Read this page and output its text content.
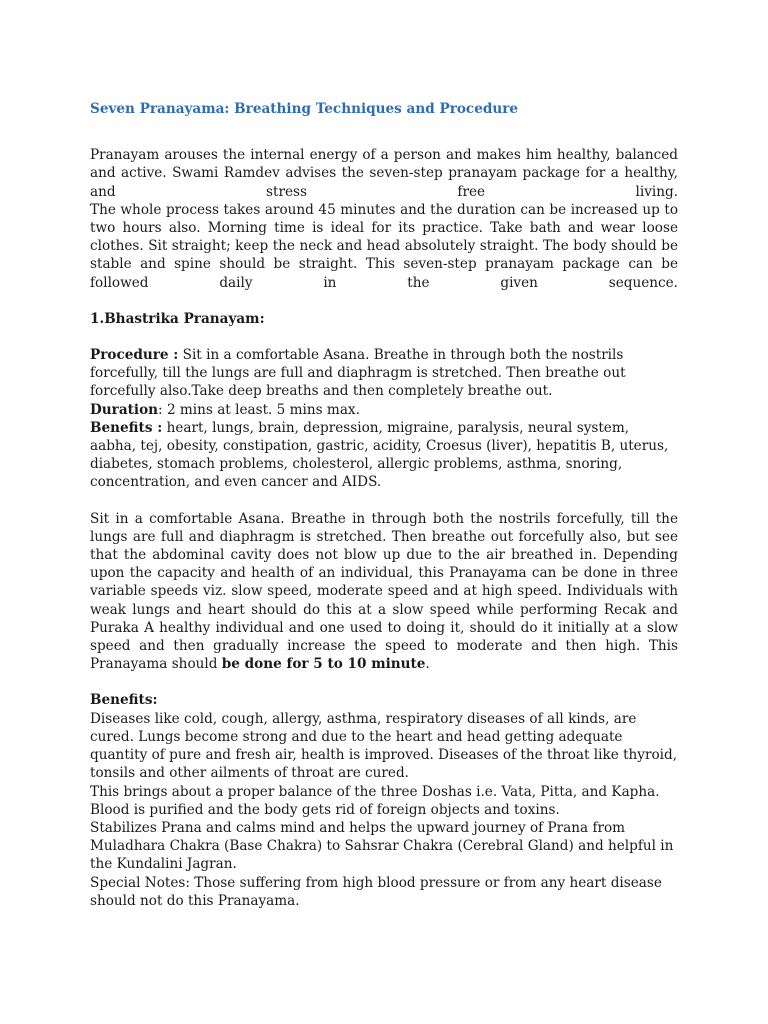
Seven Pranayama: Breathing Techniques and Procedure

Pranayam arouses the internal energy of a person and makes him healthy, balanced and active. Swami Ramdev advises the seven-step pranayam package for a healthy, and stress free living.

The whole process takes around 45 minutes and the duration can be increased up to two hours also. Morning time is ideal for its practice. Take bath and wear loose clothes. Sit straight; keep the neck and head absolutely straight. The body should be stable and spine should be straight. This seven-step pranayam package can be followed daily in the given sequence.

1.Bhastrika Pranayam:

Procedure : Sit in a comfortable Asana. Breathe in through both the nostrils forcefully, till the lungs are full and diaphragm is stretched. Then breathe out forcefully also.Take deep breaths and then completely breathe out.

Duration: 2 mins at least. 5 mins max.

Benefits : heart, lungs, brain, depression, migraine, paralysis, neural system, aabha, tej, obesity, constipation, gastric, acidity, Croesus (liver), hepatitis B, uterus, diabetes, stomach problems, cholesterol, allergic problems, asthma, snoring, concentration, and even cancer and AIDS.

Sit in a comfortable Asana. Breathe in through both the nostrils forcefully, till the lungs are full and diaphragm is stretched. Then breathe out forcefully also, but see that the abdominal cavity does not blow up due to the air breathed in. Depending upon the capacity and health of an individual, this Pranayama can be done in three variable speeds viz. slow speed, moderate speed and at high speed. Individuals with weak lungs and heart should do this at a slow speed while performing Recak and Puraka A healthy individual and one used to doing it, should do it initially at a slow speed and then gradually increase the speed to moderate and then high. This Pranayama should be done for 5 to 10 minute.

Benefits:

Diseases like cold, cough, allergy, asthma, respiratory diseases of all kinds, are cured. Lungs become strong and due to the heart and head getting adequate quantity of pure and fresh air, health is improved. Diseases of the throat like thyroid, tonsils and other ailments of throat are cured.

This brings about a proper balance of the three Doshas i.e. Vata, Pitta, and Kapha. Blood is purified and the body gets rid of foreign objects and toxins.

Stabilizes Prana and calms mind and helps the upward journey of Prana from Muladhara Chakra (Base Chakra) to Sahsrar Chakra (Cerebral Gland) and helpful in the Kundalini Jagran.

Special Notes: Those suffering from high blood pressure or from any heart disease should not do this Pranayama.
